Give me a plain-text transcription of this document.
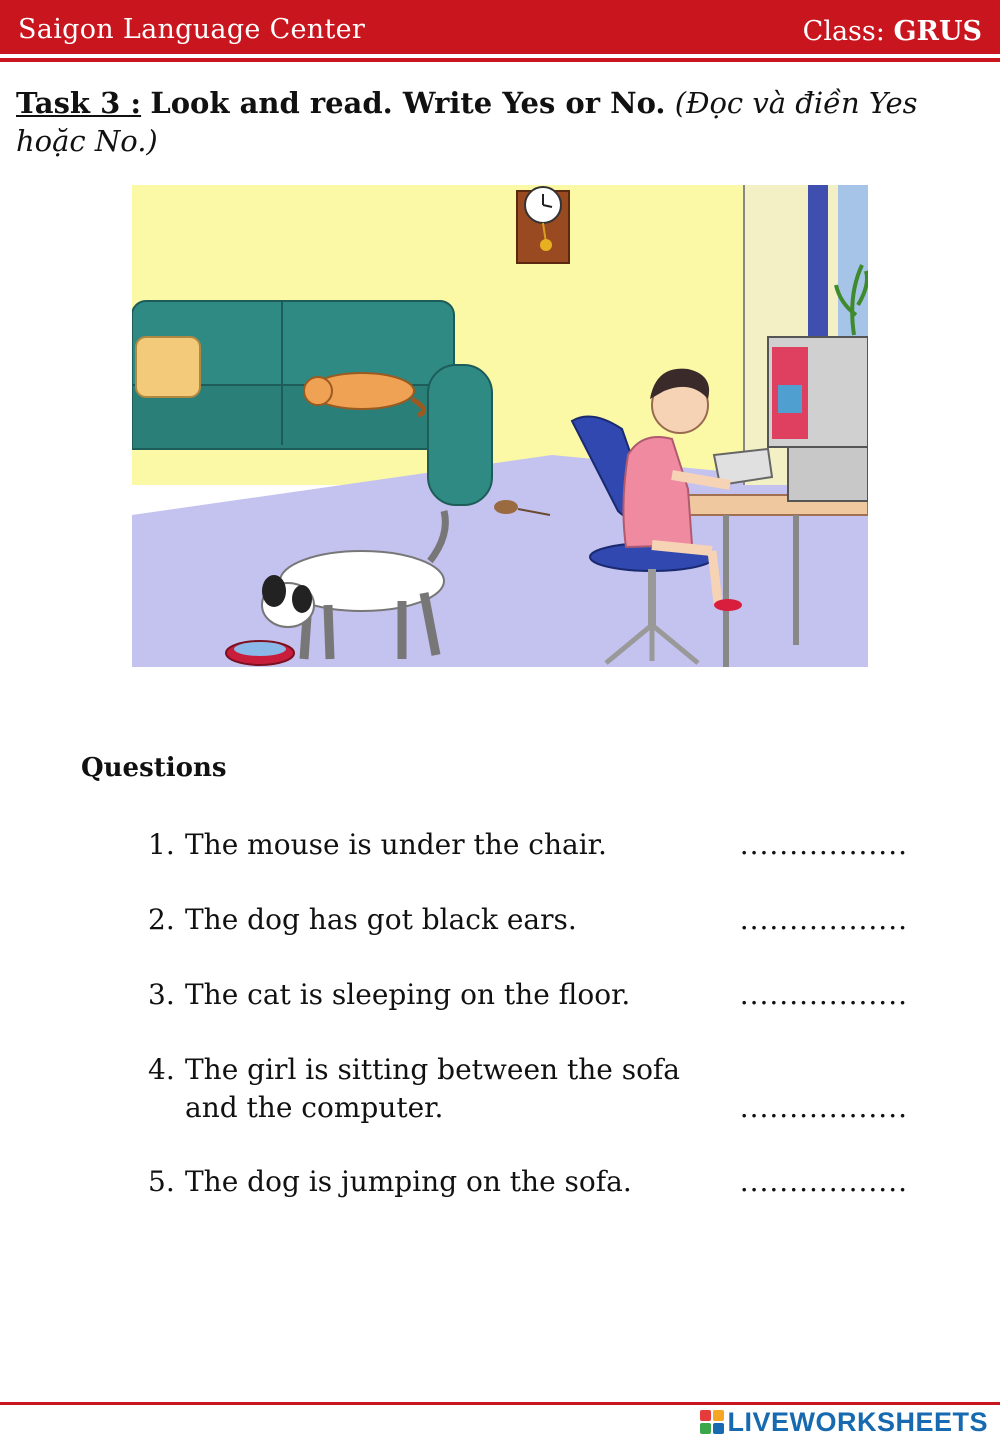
Saigon Language Center	Class: GRUS
Task 3 : Look and read. Write Yes or No. (Đọc và điền Yes hoặc No.)
Questions
1. The mouse is under the chair.	.................
2. The dog has got black ears.	.................
3. The cat is sleeping on the floor.	.................
4. The girl is sitting between the sofa and the computer.	.................
5. The dog is jumping on the sofa.	.................
LIVEWORKSHEETS
